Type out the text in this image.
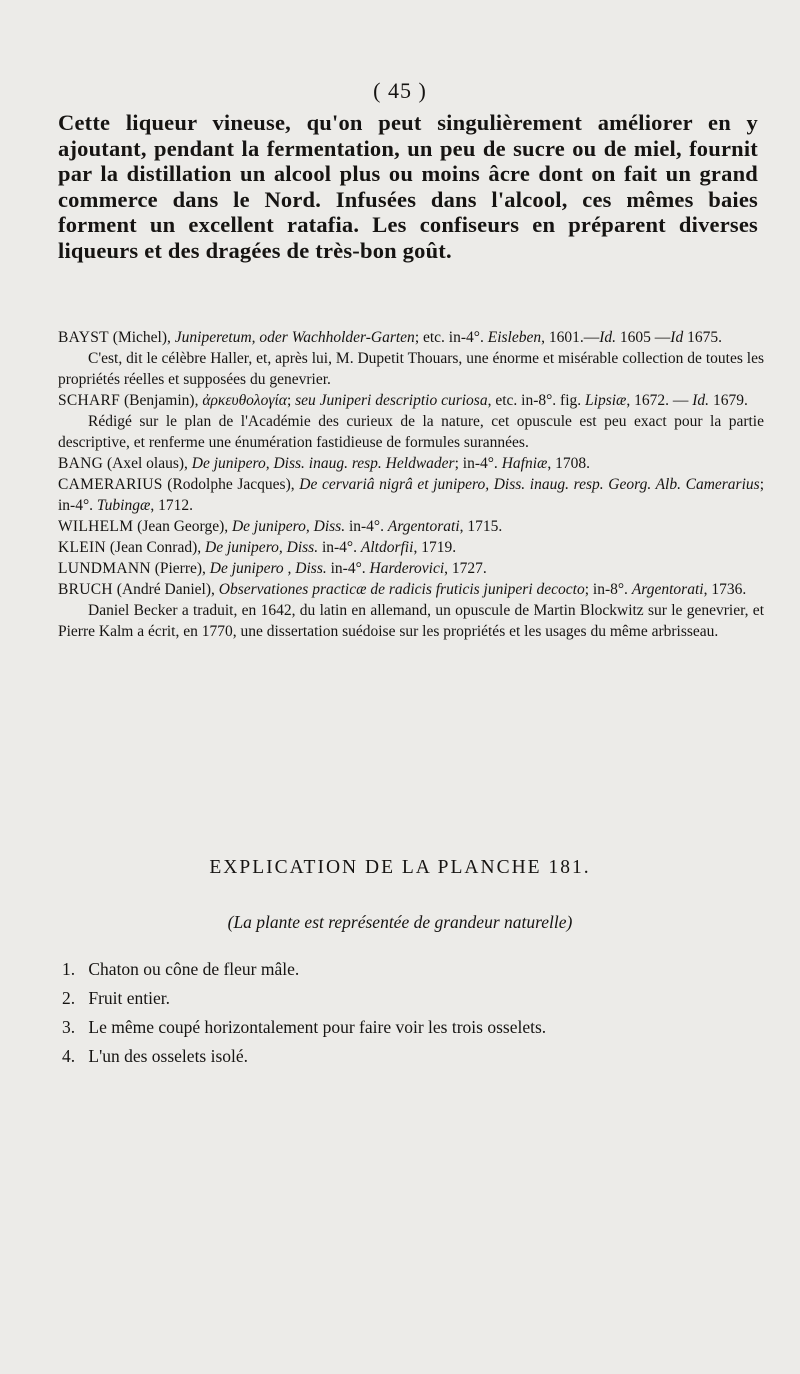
( 45 )

Cette liqueur vineuse, qu'on peut singulièrement améliorer en y ajoutant, pendant la fermentation, un peu de sucre ou de miel, fournit par la distillation un alcool plus ou moins âcre dont on fait un grand commerce dans le Nord. Infusées dans l'alcool, ces mêmes baies forment un excellent ratafia. Les confiseurs en préparent diverses liqueurs et des dragées de très-bon goût.

BAYST (Michel), Juniperetum, oder Wachholder-Garten; etc. in-4°. Eisleben, 1601.—Id. 1605 —Id 1675.

C'est, dit le célèbre Haller, et, après lui, M. Dupetit Thouars, une énorme et misérable collection de toutes les propriétés réelles et supposées du genevrier.

SCHARF (Benjamin), ἀρκευθολογία; seu Juniperi descriptio curiosa, etc. in-8°. fig. Lipsiæ, 1672. — Id. 1679.

Rédigé sur le plan de l'Académie des curieux de la nature, cet opuscule est peu exact pour la partie descriptive, et renferme une énumération fastidieuse de formules surannées.

BANG (Axel olaus), De junipero, Diss. inaug. resp. Heldwader; in-4°. Hafniæ, 1708.

CAMERARIUS (Rodolphe Jacques), De cervariâ nigrâ et junipero, Diss. inaug. resp. Georg. Alb. Camerarius; in-4°. Tubingæ, 1712.

WILHELM (Jean George), De junipero, Diss. in-4°. Argentorati, 1715.

KLEIN (Jean Conrad), De junipero, Diss. in-4°. Altdorfii, 1719.

LUNDMANN (Pierre), De junipero , Diss. in-4°. Harderovici, 1727.

BRUCH (André Daniel), Observationes practicæ de radicis fruticis juniperi decocto; in-8°. Argentorati, 1736.

Daniel Becker a traduit, en 1642, du latin en allemand, un opuscule de Martin Blockwitz sur le genevrier, et Pierre Kalm a écrit, en 1770, une dissertation suédoise sur les propriétés et les usages du même arbrisseau.

EXPLICATION DE LA PLANCHE 181.
(La plante est représentée de grandeur naturelle)
1. Chaton ou cône de fleur mâle.
2. Fruit entier.
3. Le même coupé horizontalement pour faire voir les trois osselets.
4. L'un des osselets isolé.
